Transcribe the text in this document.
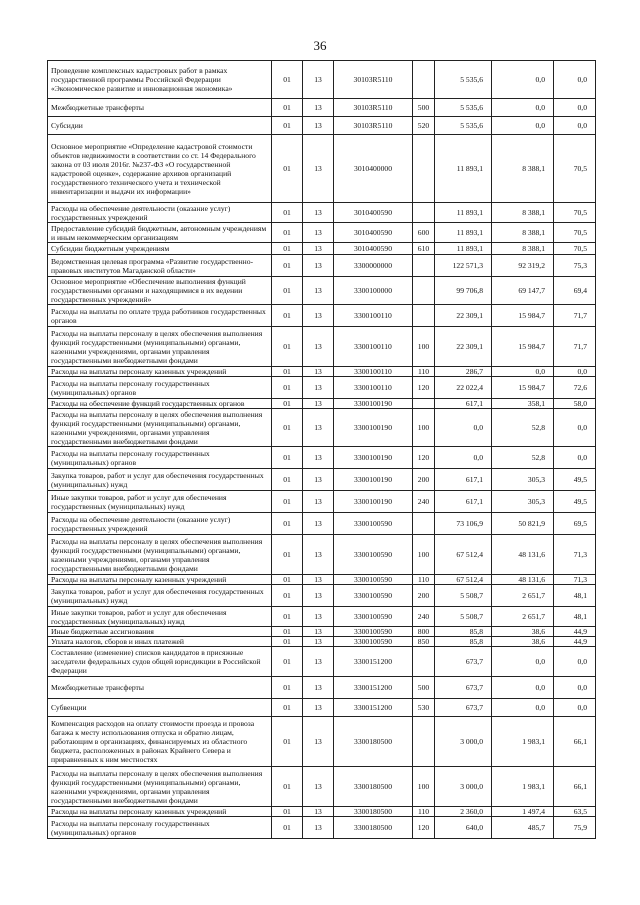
36
Проведение комплексных кадастровых работ в рамках государственной программы Российской Федерации «Экономическое развитие и инновационная экономика»	01	13	30103R5110		5 535,6	0,0	0,0
Межбюджетные трансферты	01	13	30103R5110	500	5 535,6	0,0	0,0
Субсидии	01	13	30103R5110	520	5 535,6	0,0	0,0
Основное мероприятие «Определение кадастровой стоимости объектов недвижимости в соответствии со ст. 14 Федерального закона от 03 июля 2016г. №237-ФЗ «О государственной кадастровой оценке», содержание архивов организаций государственного технического учета и технической инвентаризации и выдачи их информации»	01	13	3010400000		11 893,1	8 388,1	70,5
Расходы на обеспечение деятельности (оказание услуг) государственных учреждений	01	13	3010400590		11 893,1	8 388,1	70,5
Предоставление субсидий бюджетным, автономным учреждениям и иным некоммерческим организациям	01	13	3010400590	600	11 893,1	8 388,1	70,5
Субсидии бюджетным учреждениям	01	13	3010400590	610	11 893,1	8 388,1	70,5
Ведомственная целевая программа «Развитие государственно-правовых институтов Магаданской области»	01	13	3300000000		122 571,3	92 319,2	75,3
Основное мероприятие «Обеспечение выполнения функций государственными органами и находящимися в их ведении государственных учреждений»	01	13	3300100000		99 706,8	69 147,7	69,4
Расходы на выплаты по оплате труда работников государственных органов	01	13	3300100110		22 309,1	15 984,7	71,7
Расходы на выплаты персоналу в целях обеспечения выполнения функций государственными (муниципальными) органами, казенными учреждениями, органами управления государственными внебюджетными фондами	01	13	3300100110	100	22 309,1	15 984,7	71,7
Расходы на выплаты персоналу казенных учреждений	01	13	3300100110	110	286,7	0,0	0,0
Расходы на выплаты персоналу государственных (муниципальных) органов	01	13	3300100110	120	22 022,4	15 984,7	72,6
Расходы на обеспечение функций государственных органов	01	13	3300100190		617,1	358,1	58,0
Расходы на выплаты персоналу в целях обеспечения выполнения функций государственными (муниципальными) органами, казенными учреждениями, органами управления государственными внебюджетными фондами	01	13	3300100190	100	0,0	52,8	0,0
Расходы на выплаты персоналу государственных (муниципальных) органов	01	13	3300100190	120	0,0	52,8	0,0
Закупка товаров, работ и услуг для обеспечения государственных (муниципальных) нужд	01	13	3300100190	200	617,1	305,3	49,5
Иные закупки товаров, работ и услуг для обеспечения государственных (муниципальных) нужд	01	13	3300100190	240	617,1	305,3	49,5
Расходы на обеспечение деятельности (оказание услуг) государственных учреждений	01	13	3300100590		73 106,9	50 821,9	69,5
Расходы на выплаты персоналу в целях обеспечения выполнения функций государственными (муниципальными) органами, казенными учреждениями, органами управления государственными внебюджетными фондами	01	13	3300100590	100	67 512,4	48 131,6	71,3
Расходы на выплаты персоналу казенных учреждений	01	13	3300100590	110	67 512,4	48 131,6	71,3
Закупка товаров, работ и услуг для обеспечения государственных (муниципальных) нужд	01	13	3300100590	200	5 508,7	2 651,7	48,1
Иные закупки товаров, работ и услуг для обеспечения государственных (муниципальных) нужд	01	13	3300100590	240	5 508,7	2 651,7	48,1
Иные бюджетные ассигнования	01	13	3300100590	800	85,8	38,6	44,9
Уплата налогов, сборов и иных платежей	01	13	3300100590	850	85,8	38,6	44,9
Составление (изменение) списков кандидатов в присяжные заседатели федеральных судов общей юрисдикции в Российской Федерации	01	13	3300151200		673,7	0,0	0,0
Межбюджетные трансферты	01	13	3300151200	500	673,7	0,0	0,0
Субвенции	01	13	3300151200	530	673,7	0,0	0,0
Компенсация расходов на оплату стоимости проезда и провоза багажа к месту использования отпуска и обратно лицам, работающим в организациях, финансируемых из областного бюджета, расположенных в районах Крайнего Севера и приравненных к ним местностях	01	13	3300180500		3 000,0	1 983,1	66,1
Расходы на выплаты персоналу в целях обеспечения выполнения функций государственными (муниципальными) органами, казенными учреждениями, органами управления государственными внебюджетными фондами	01	13	3300180500	100	3 000,0	1 983,1	66,1
Расходы на выплаты персоналу казенных учреждений	01	13	3300180500	110	2 360,0	1 497,4	63,5
Расходы на выплаты персоналу государственных (муниципальных) органов	01	13	3300180500	120	640,0	485,7	75,9
